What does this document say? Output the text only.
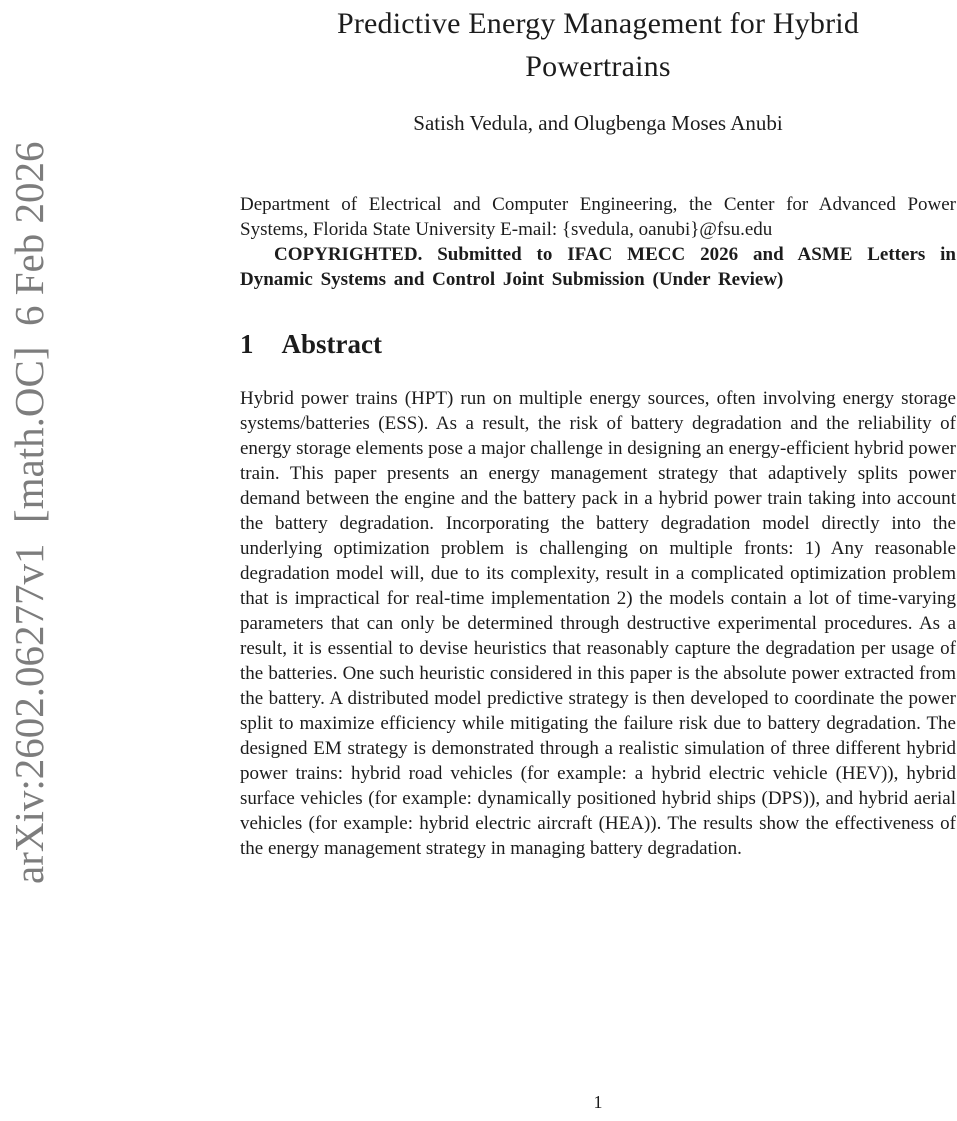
arXiv:2602.06277v1  [math.OC]  6 Feb 2026
Predictive Energy Management for Hybrid Powertrains
Satish Vedula, and Olugbenga Moses Anubi

Department of Electrical and Computer Engineering, the Center for Advanced Power Systems, Florida State University E-mail: {svedula, oanubi}@fsu.edu

COPYRIGHTED. Submitted to IFAC MECC 2026 and ASME Letters in Dynamic Systems and Control Joint Submission (Under Review)

1 Abstract

Hybrid power trains (HPT) run on multiple energy sources, often involving energy storage systems/batteries (ESS). As a result, the risk of battery degradation and the reliability of energy storage elements pose a major challenge in designing an energy-efficient hybrid power train. This paper presents an energy management strategy that adaptively splits power demand between the engine and the battery pack in a hybrid power train taking into account the battery degradation. Incorporating the battery degradation model directly into the underlying optimization problem is challenging on multiple fronts: 1) Any reasonable degradation model will, due to its complexity, result in a complicated optimization problem that is impractical for real-time implementation 2) the models contain a lot of time-varying parameters that can only be determined through destructive experimental procedures. As a result, it is essential to devise heuristics that reasonably capture the degradation per usage of the batteries. One such heuristic considered in this paper is the absolute power extracted from the battery. A distributed model predictive strategy is then developed to coordinate the power split to maximize efficiency while mitigating the failure risk due to battery degradation. The designed EM strategy is demonstrated through a realistic simulation of three different hybrid power trains: hybrid road vehicles (for example: a hybrid electric vehicle (HEV)), hybrid surface vehicles (for example: dynamically positioned hybrid ships (DPS)), and hybrid aerial vehicles (for example: hybrid electric aircraft (HEA)). The results show the effectiveness of the energy management strategy in managing battery degradation.

1
